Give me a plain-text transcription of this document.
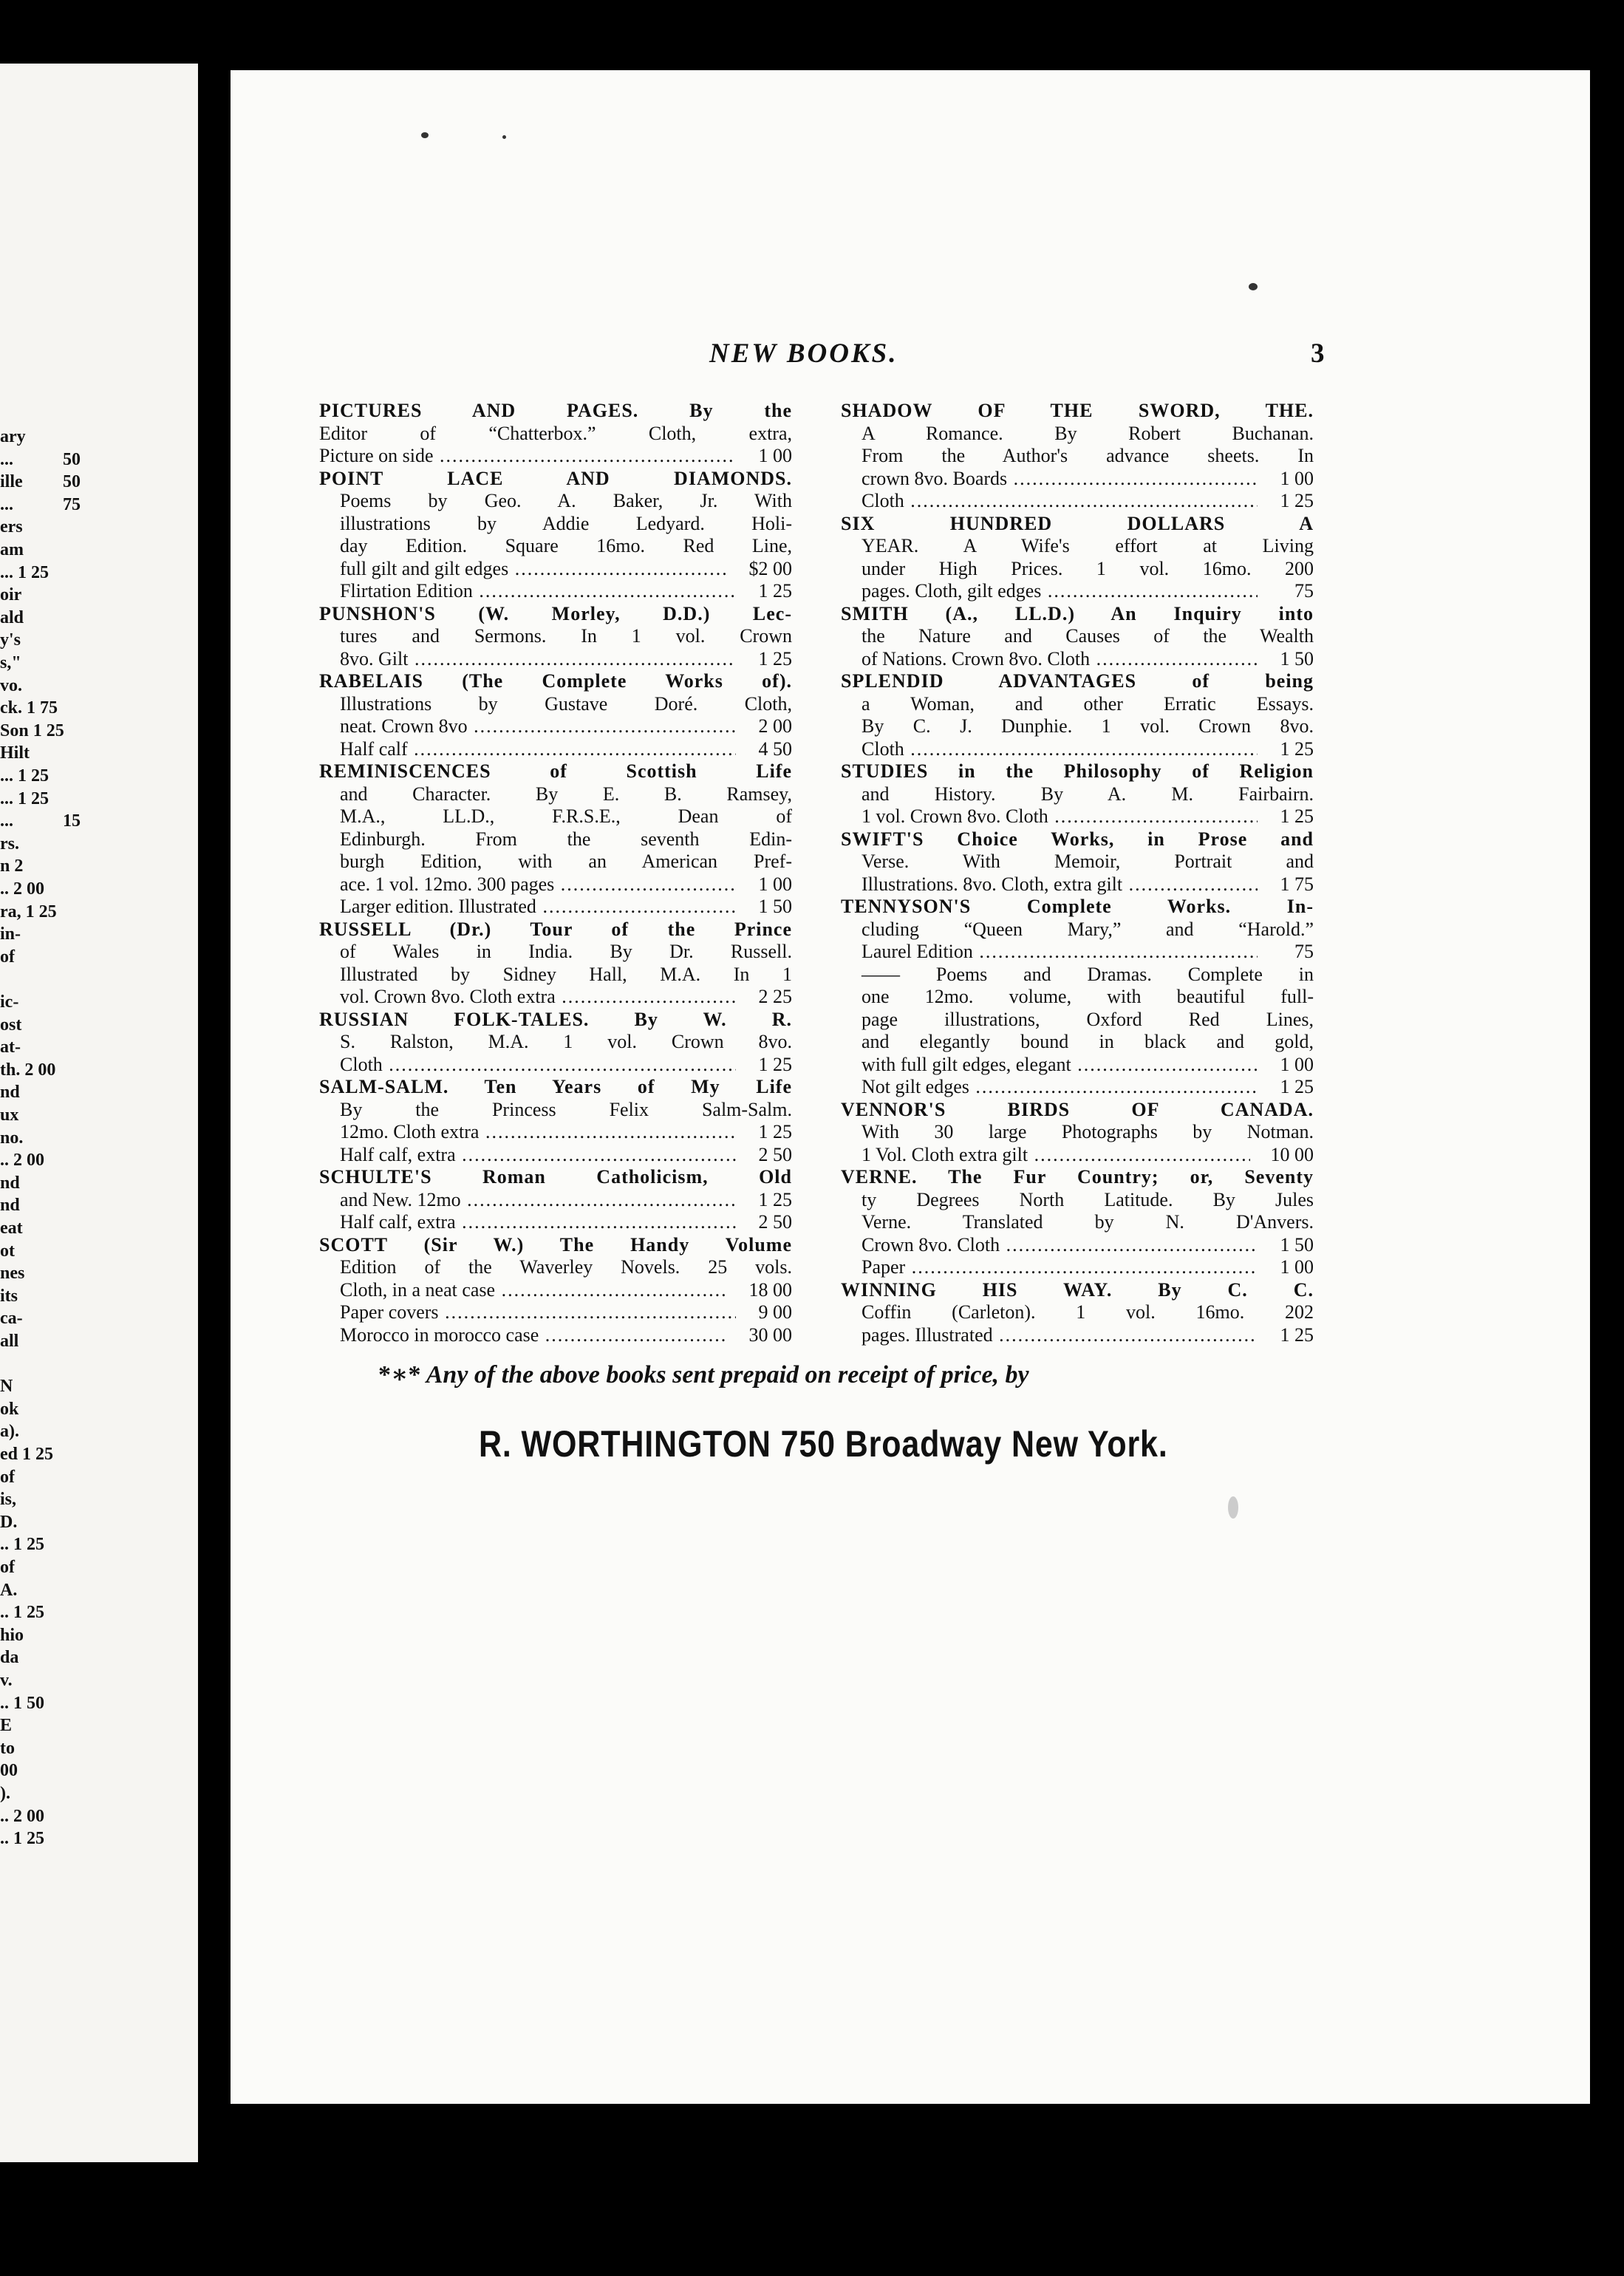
ary
...	50
ille 50
...	75
ers
am
... 1 25
oir
ald
y's
s,"
vo.
ck. 1 75
Son 1 25
Hilt
... 1 25
... 1 25
...	15
rs.
n 2
.. 2 00
ra, 1 25
in-
of
ic-
ost
at-
th. 2 00
nd
ux
no.
.. 2 00
nd
nd
eat
ot
nes
its
ca-
all
N
ok
a).
ed 1 25
of
is,
D.
.. 1 25
of
A.
.. 1 25
hio
da
v.
.. 1 50
E
to
00
).
.. 2 00
.. 1 25
NEW BOOKS.	3
PICTURES AND PAGES. By the
Editor of “Chatterbox.” Cloth, extra,
Picture on side .....	1 00
POINT LACE AND DIAMONDS.
Poems by Geo. A. Baker, Jr. With
illustrations by Addie Ledyard. Holi-
day Edition. Square 16mo. Red Line,
full gilt and gilt edges .....	$2 00
Flirtation Edition .....	1 25
PUNSHON'S (W. Morley, D.D.) Lec-
tures and Sermons. In 1 vol. Crown
8vo. Gilt .....	1 25
RABELAIS (The Complete Works of).
Illustrations by Gustave Doré. Cloth,
neat. Crown 8vo .....	2 00
Half calf .....	4 50
REMINISCENCES of Scottish Life
and Character. By E. B. Ramsey,
M.A., LL.D., F.R.S.E., Dean of
Edinburgh. From the seventh Edin-
burgh Edition, with an American Pref-
ace. 1 vol. 12mo. 300 pages .....	1 00
Larger edition. Illustrated .....	1 50
RUSSELL (Dr.) Tour of the Prince
of Wales in India. By Dr. Russell.
Illustrated by Sidney Hall, M.A. In 1
vol. Crown 8vo. Cloth extra .....	2 25
RUSSIAN FOLK-TALES. By W. R.
S. Ralston, M.A. 1 vol. Crown 8vo.
Cloth .....	1 25
SALM-SALM. Ten Years of My Life
By the Princess Felix Salm-Salm.
12mo. Cloth extra .....	1 25
Half calf, extra .....	2 50
SCHULTE'S Roman Catholicism, Old
and New. 12mo .....	1 25
Half calf, extra .....	2 50
SCOTT (Sir W.) The Handy Volume
Edition of the Waverley Novels. 25 vols.
Cloth, in a neat case .....	18 00
Paper covers .....	9 00
Morocco in morocco case .....	30 00
SHADOW OF THE SWORD, THE.
A Romance. By Robert Buchanan.
From the Author's advance sheets. In
crown 8vo. Boards .....	1 00
Cloth .....	1 25
SIX HUNDRED DOLLARS A
YEAR. A Wife's effort at Living
under High Prices. 1 vol. 16mo. 200
pages. Cloth, gilt edges .....	75
SMITH (A., LL.D.) An Inquiry into
the Nature and Causes of the Wealth
of Nations. Crown 8vo. Cloth .....	1 50
SPLENDID ADVANTAGES of being
a Woman, and other Erratic Essays.
By C. J. Dunphie. 1 vol. Crown 8vo.
Cloth .....	1 25
STUDIES in the Philosophy of Religion
and History. By A. M. Fairbairn.
1 vol. Crown 8vo. Cloth .....	1 25
SWIFT'S Choice Works, in Prose and
Verse. With Memoir, Portrait and
Illustrations. 8vo. Cloth, extra gilt .....	1 75
TENNYSON'S Complete Works. In-
cluding “Queen Mary,” and “Harold.”
Laurel Edition .....	75
—— Poems and Dramas. Complete in
one 12mo. volume, with beautiful full-
page illustrations, Oxford Red Lines,
and elegantly bound in black and gold,
with full gilt edges, elegant .....	1 00
Not gilt edges .....	1 25
VENNOR'S BIRDS OF CANADA.
With 30 large Photographs by Notman.
1 Vol. Cloth extra gilt .....	10 00
VERNE. The Fur Country; or, Seventy
ty Degrees North Latitude. By Jules
Verne. Translated by N. D'Anvers.
Crown 8vo. Cloth .....	1 50
Paper .....	1 00
WINNING HIS WAY. By C. C.
Coffin (Carleton). 1 vol. 16mo. 202
pages. Illustrated .....	1 25
*∗* Any of the above books sent prepaid on receipt of price, by
R. WORTHINGTON 750 Broadway New York.
